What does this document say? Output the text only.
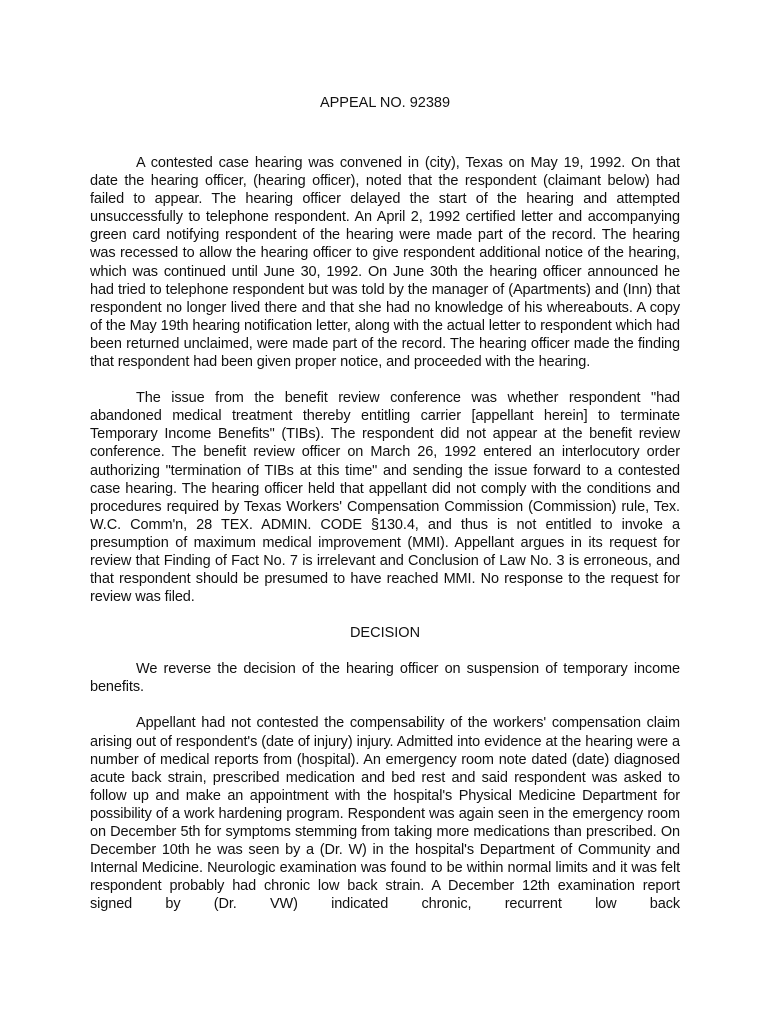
APPEAL NO. 92389

A contested case hearing was convened in (city), Texas on May 19, 1992. On that date the hearing officer, (hearing officer), noted that the respondent (claimant below) had failed to appear. The hearing officer delayed the start of the hearing and attempted unsuccessfully to telephone respondent. An April 2, 1992 certified letter and accompanying green card notifying respondent of the hearing were made part of the record. The hearing was recessed to allow the hearing officer to give respondent additional notice of the hearing, which was continued until June 30, 1992. On June 30th the hearing officer announced he had tried to telephone respondent but was told by the manager of (Apartments) and (Inn) that respondent no longer lived there and that she had no knowledge of his whereabouts. A copy of the May 19th hearing notification letter, along with the actual letter to respondent which had been returned unclaimed, were made part of the record. The hearing officer made the finding that respondent had been given proper notice, and proceeded with the hearing.

The issue from the benefit review conference was whether respondent "had abandoned medical treatment thereby entitling carrier [appellant herein] to terminate Temporary Income Benefits" (TIBs). The respondent did not appear at the benefit review conference. The benefit review officer on March 26, 1992 entered an interlocutory order authorizing "termination of TIBs at this time" and sending the issue forward to a contested case hearing. The hearing officer held that appellant did not comply with the conditions and procedures required by Texas Workers' Compensation Commission (Commission) rule, Tex. W.C. Comm'n, 28 TEX. ADMIN. CODE §130.4, and thus is not entitled to invoke a presumption of maximum medical improvement (MMI). Appellant argues in its request for review that Finding of Fact No. 7 is irrelevant and Conclusion of Law No. 3 is erroneous, and that respondent should be presumed to have reached MMI. No response to the request for review was filed.

DECISION

We reverse the decision of the hearing officer on suspension of temporary income benefits.

Appellant had not contested the compensability of the workers' compensation claim arising out of respondent's (date of injury) injury. Admitted into evidence at the hearing were a number of medical reports from (hospital). An emergency room note dated (date) diagnosed acute back strain, prescribed medication and bed rest and said respondent was asked to follow up and make an appointment with the hospital's Physical Medicine Department for possibility of a work hardening program. Respondent was again seen in the emergency room on December 5th for symptoms stemming from taking more medications than prescribed. On December 10th he was seen by a (Dr. W) in the hospital's Department of Community and Internal Medicine. Neurologic examination was found to be within normal limits and it was felt respondent probably had chronic low back strain. A December 12th examination report signed by (Dr. VW) indicated chronic, recurrent low back
